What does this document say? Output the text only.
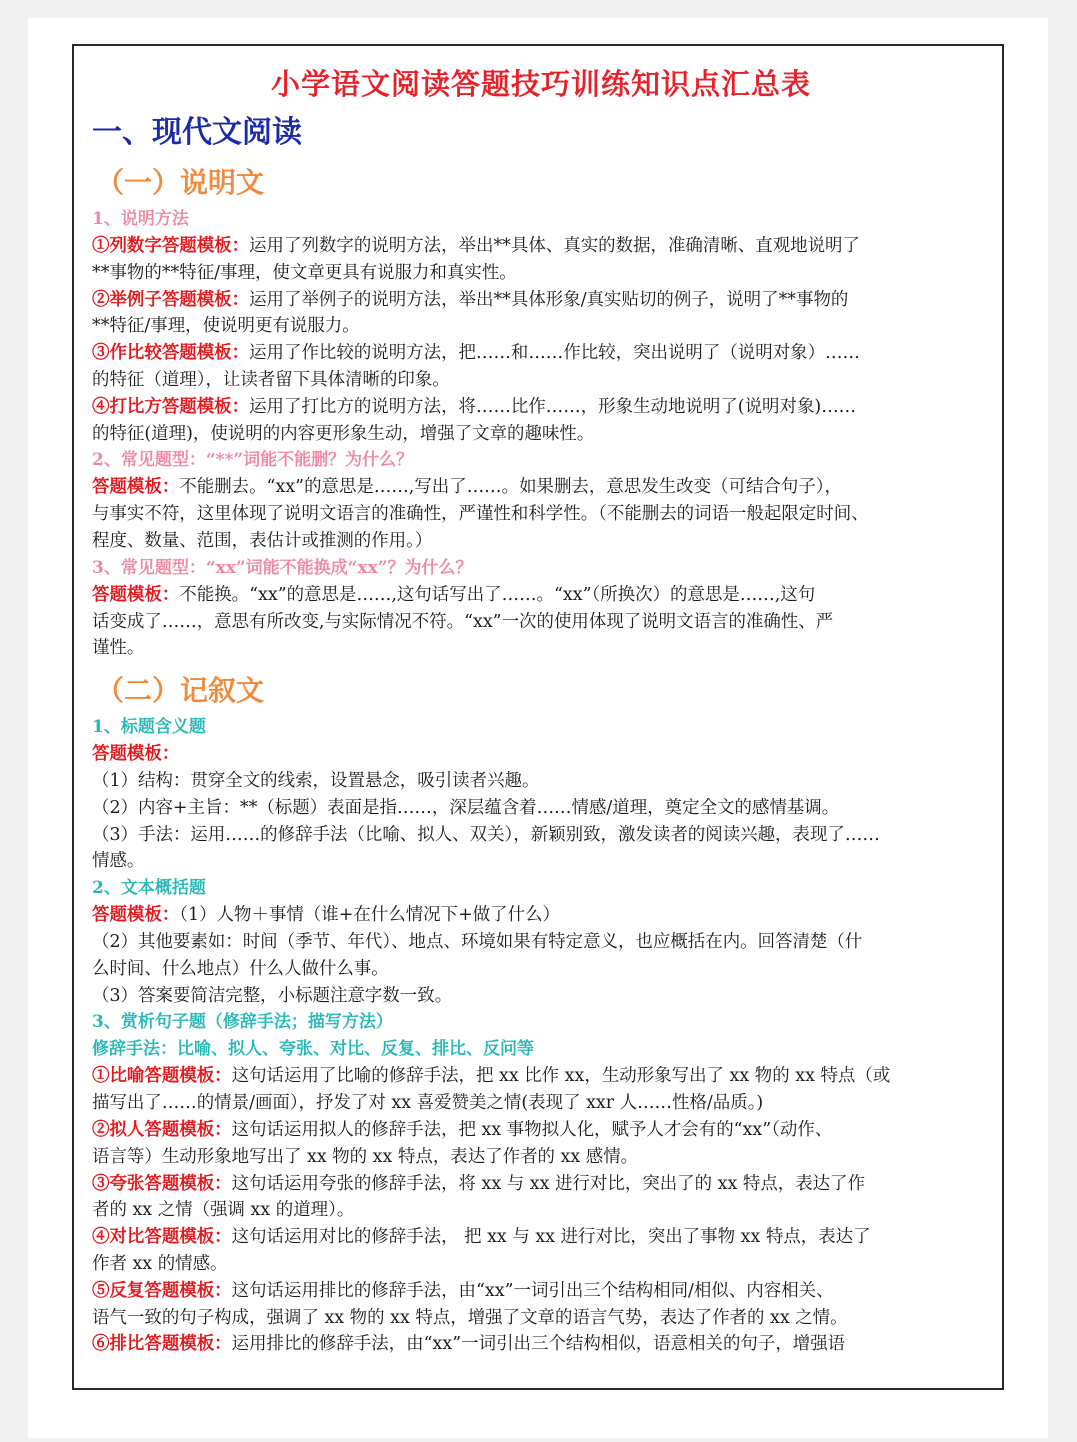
小学语文阅读答题技巧训练知识点汇总表
一、现代文阅读
（一）说明文
1、说明方法
①列数字答题模板：运用了列数字的说明方法，举出**具体、真实的数据，准确清晰、直观地说明了
**事物的**特征/事理，使文章更具有说服力和真实性。
②举例子答题模板：运用了举例子的说明方法，举出**具体形象/真实贴切的例子，说明了**事物的
**特征/事理，使说明更有说服力。
③作比较答题模板：运用了作比较的说明方法，把……和……作比较，突出说明了（说明对象）……
的特征（道理），让读者留下具体清晰的印象。
④打比方答题模板：运用了打比方的说明方法，将……比作……，形象生动地说明了(说明对象)……
的特征(道理)，使说明的内容更形象生动，增强了文章的趣味性。
2、常见题型：“**”词能不能删？为什么？
答题模板：不能删去。“xx”的意思是……,写出了……。如果删去，意思发生改变（可结合句子），
与事实不符，这里体现了说明文语言的准确性，严谨性和科学性。（不能删去的词语一般起限定时间、
程度、数量、范围，表估计或推测的作用。）
3、常见题型：“xx”词能不能换成“xx”？为什么？
答题模板：不能换。“xx”的意思是……,这句话写出了……。“xx”（所换次）的意思是……,这句
话变成了……，意思有所改变,与实际情况不符。“xx”一次的使用体现了说明文语言的准确性、严
谨性。
（二）记叙文
1、标题含义题
答题模板：
（1）结构：贯穿全文的线索，设置悬念，吸引读者兴趣。
（2）内容+主旨：**（标题）表面是指……，深层蕴含着……情感/道理，奠定全文的感情基调。
（3）手法：运用……的修辞手法（比喻、拟人、双关），新颖别致，激发读者的阅读兴趣，表现了……
情感。
2、文本概括题
答题模板：（1）人物＋事情（谁+在什么情况下+做了什么）
（2）其他要素如：时间（季节、年代）、地点、环境如果有特定意义，也应概括在内。回答清楚（什
么时间、什么地点）什么人做什么事。
（3）答案要简洁完整，小标题注意字数一致。
3、赏析句子题（修辞手法；描写方法）
修辞手法：比喻、拟人、夸张、对比、反复、排比、反问等
①比喻答题模板：这句话运用了比喻的修辞手法，把 xx 比作 xx，生动形象写出了 xx 物的 xx 特点（或
描写出了……的情景/画面），抒发了对 xx 喜爱赞美之情(表现了 xxr 人……性格/品质。)
②拟人答题模板：这句话运用拟人的修辞手法，把 xx 事物拟人化，赋予人才会有的“xx”（动作、
语言等）生动形象地写出了 xx 物的 xx 特点，表达了作者的 xx 感情。
③夸张答题模板：这句话运用夸张的修辞手法，将 xx 与 xx 进行对比，突出了的 xx 特点，表达了作
者的 xx 之情（强调 xx 的道理）。
④对比答题模板：这句话运用对比的修辞手法， 把 xx 与 xx 进行对比，突出了事物 xx 特点，表达了
作者 xx 的情感。
⑤反复答题模板：这句话运用排比的修辞手法，由“xx”一词引出三个结构相同/相似、内容相关、
语气一致的句子构成，强调了 xx 物的 xx 特点，增强了文章的语言气势，表达了作者的 xx 之情。
⑥排比答题模板：运用排比的修辞手法，由“xx”一词引出三个结构相似，语意相关的句子，增强语
